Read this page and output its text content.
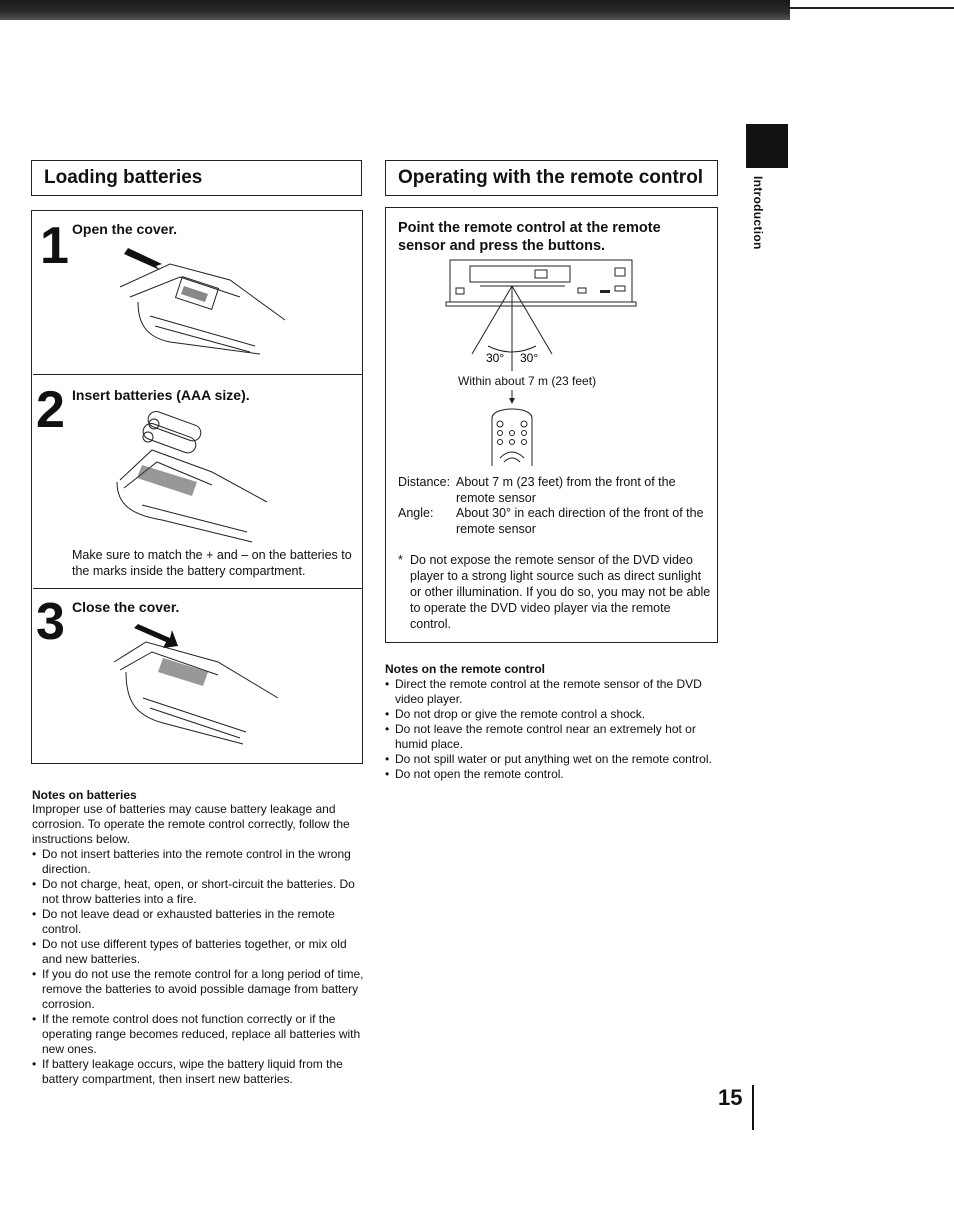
Introduction
Loading batteries
1 Open the cover.
2 Insert batteries (AAA size).
Make sure to match the + and – on the batteries to the marks inside the battery compartment.
3 Close the cover.
Notes on batteries
Improper use of batteries may cause battery leakage and corrosion. To operate the remote control correctly, follow the instructions below.
• Do not insert batteries into the remote control in the wrong direction.
• Do not charge, heat, open, or short-circuit the batteries. Do not throw batteries into a fire.
• Do not leave dead or exhausted batteries in the remote control.
• Do not use different types of batteries together, or mix old and new batteries.
• If you do not use the remote control for a long period of time, remove the batteries to avoid possible damage from battery corrosion.
• If the remote control does not function correctly or if the operating range becomes reduced, replace all batteries with new ones.
• If battery leakage occurs, wipe the battery liquid from the battery compartment, then insert new batteries.
Operating with the remote control
Point the remote control at the remote sensor and press the buttons.
30° 30°
Within about 7 m (23 feet)
Distance: About 7 m (23 feet) from the front of the remote sensor
Angle: About 30° in each direction of the front of the remote sensor
* Do not expose the remote sensor of the DVD video player to a strong light source such as direct sunlight or other illumination. If you do so, you may not be able to operate the DVD video player via the remote control.
Notes on the remote control
• Direct the remote control at the remote sensor of the DVD video player.
• Do not drop or give the remote control a shock.
• Do not leave the remote control near an extremely hot or humid place.
• Do not spill water or put anything wet on the remote control.
• Do not open the remote control.
15
